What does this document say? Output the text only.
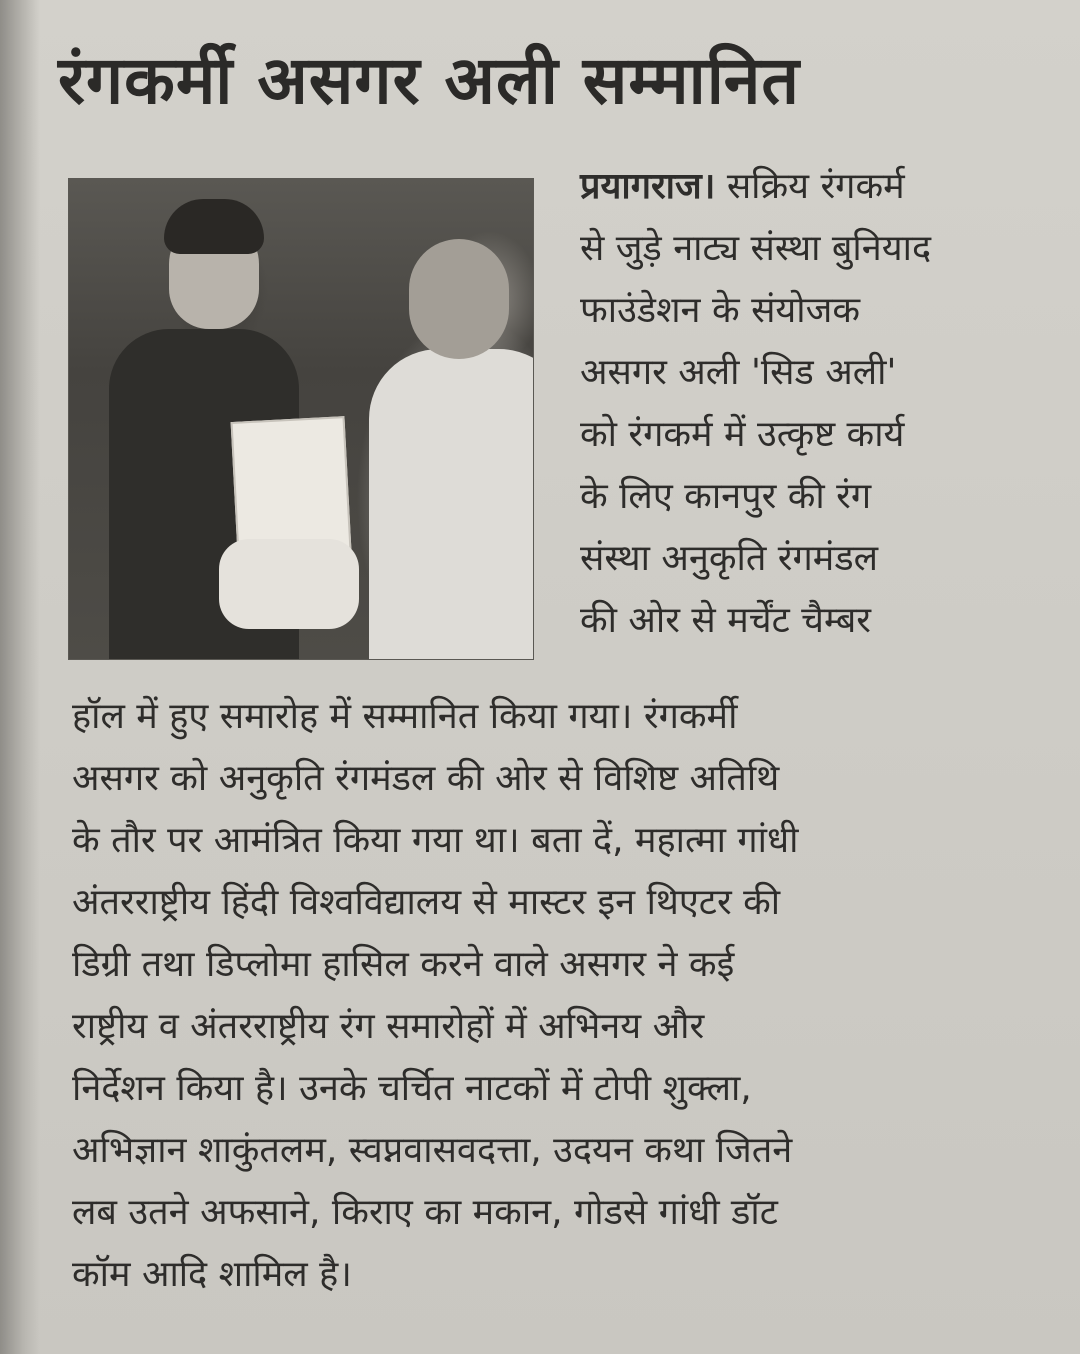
रंगकर्मी असगर अली सम्मानित
प्रयागराज। सक्रिय रंगकर्म
से जुड़े नाट्य संस्था बुनियाद
फाउंडेशन के संयोजक
असगर अली 'सिड अली'
को रंगकर्म में उत्कृष्ट कार्य
के लिए कानपुर की रंग
संस्था अनुकृति रंगमंडल
की ओर से मर्चेंट चैम्बर
हॉल में हुए समारोह में सम्मानित किया गया। रंगकर्मी
असगर को अनुकृति रंगमंडल की ओर से विशिष्ट अतिथि
के तौर पर आमंत्रित किया गया था। बता दें, महात्मा गांधी
अंतरराष्ट्रीय हिंदी विश्वविद्यालय से मास्टर इन थिएटर की
डिग्री तथा डिप्लोमा हासिल करने वाले असगर ने कई
राष्ट्रीय व अंतरराष्ट्रीय रंग समारोहों में अभिनय और
निर्देशन किया है। उनके चर्चित नाटकों में टोपी शुक्ला,
अभिज्ञान शाकुंतलम, स्वप्नवासवदत्ता, उदयन कथा जितने
लब उतने अफसाने, किराए का मकान, गोडसे गांधी डॉट
कॉम आदि शामिल है।
